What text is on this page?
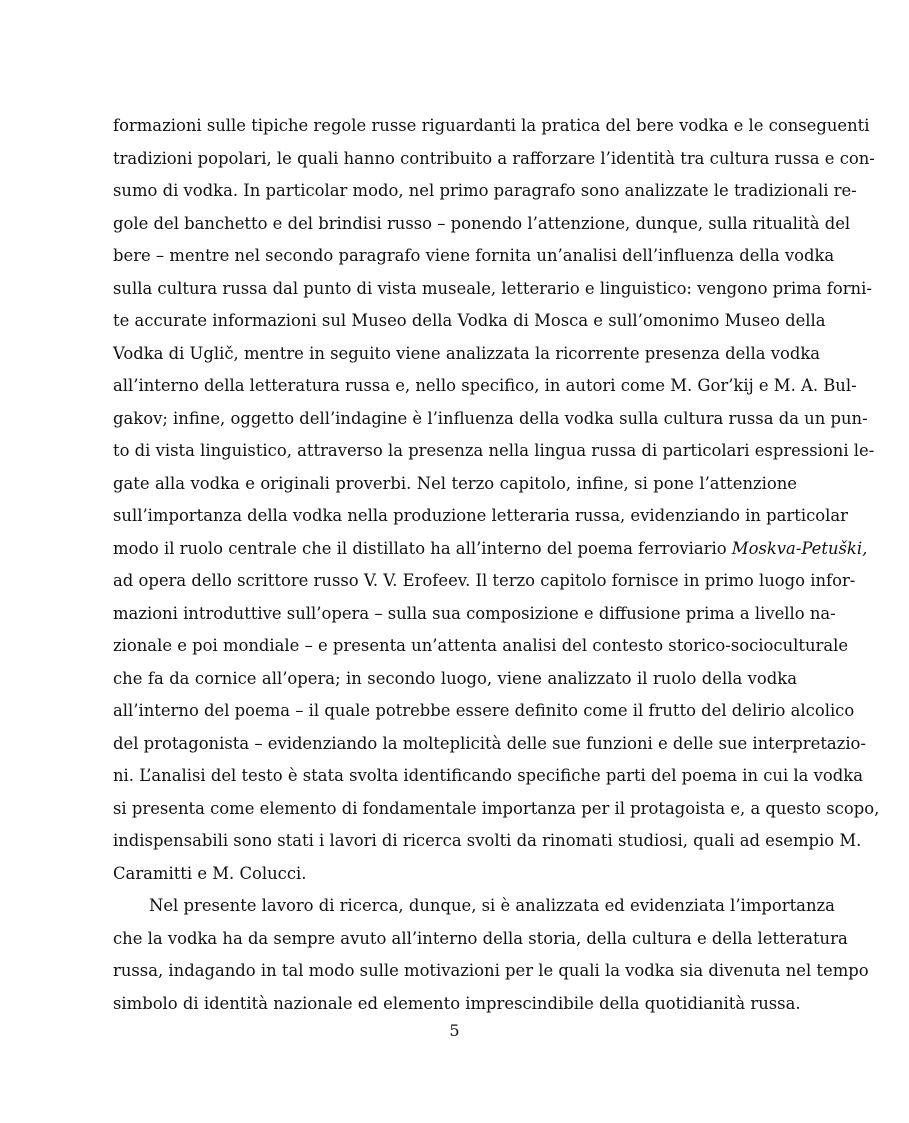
formazioni sulle tipiche regole russe riguardanti la pratica del bere vodka e le conseguenti
tradizioni popolari, le quali hanno contribuito a rafforzare l’identità tra cultura russa e con-
sumo di vodka. In particolar modo, nel primo paragrafo sono analizzate le tradizionali re-
gole del banchetto e del brindisi russo – ponendo l’attenzione, dunque, sulla ritualità del
bere – mentre nel secondo paragrafo viene fornita un’analisi dell’influenza della vodka
sulla cultura russa dal punto di vista museale, letterario e linguistico: vengono prima forni-
te accurate informazioni sul Museo della Vodka di Mosca e sull’omonimo Museo della
Vodka di Uglič, mentre in seguito viene analizzata la ricorrente presenza della vodka
all’interno della letteratura russa e, nello specifico, in autori come M. Gor’kij e M. A. Bul-
gakov; infine, oggetto dell’indagine è l’influenza della vodka sulla cultura russa da un pun-
to di vista linguistico, attraverso la presenza nella lingua russa di particolari espressioni le-
gate alla vodka e originali proverbi. Nel terzo capitolo, infine, si pone l’attenzione
sull’importanza della vodka nella produzione letteraria russa, evidenziando in particolar
modo il ruolo centrale che il distillato ha all’interno del poema ferroviario Moskva-Petuški,
ad opera dello scrittore russo V. V. Erofeev. Il terzo capitolo fornisce in primo luogo infor-
mazioni introduttive sull’opera – sulla sua composizione e diffusione prima a livello na-
zionale e poi mondiale – e presenta un’attenta analisi del contesto storico-socioculturale
che fa da cornice all’opera; in secondo luogo, viene analizzato il ruolo della vodka
all’interno del poema – il quale potrebbe essere definito come il frutto del delirio alcolico
del protagonista – evidenziando la molteplicità delle sue funzioni e delle sue interpretazio-
ni. L’analisi del testo è stata svolta identificando specifiche parti del poema in cui la vodka
si presenta come elemento di fondamentale importanza per il protagoista e, a questo scopo,
indispensabili sono stati i lavori di ricerca svolti da rinomati studiosi, quali ad esempio M.
Caramitti e M. Colucci.
Nel presente lavoro di ricerca, dunque, si è analizzata ed evidenziata l’importanza
che la vodka ha da sempre avuto all’interno della storia, della cultura e della letteratura
russa, indagando in tal modo sulle motivazioni per le quali la vodka sia divenuta nel tempo
simbolo di identità nazionale ed elemento imprescindibile della quotidianità russa.
5
